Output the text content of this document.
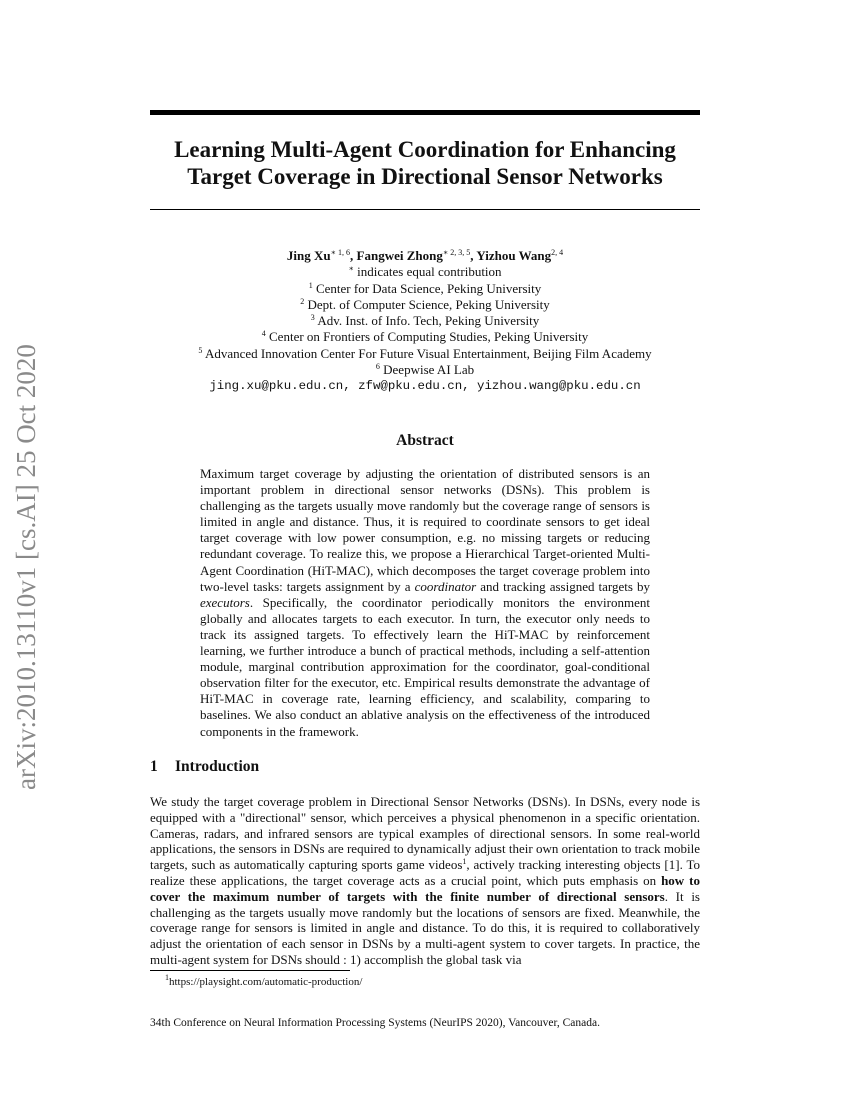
arXiv:2010.13110v1 [cs.AI] 25 Oct 2020
Learning Multi-Agent Coordination for Enhancing Target Coverage in Directional Sensor Networks
Jing $Xu^{∗ 1, 6}$, Fangwei Zhong$^{∗ 2, 3, 5}$, Yizhou Wang$^{2, 4}$
∗ indicates equal contribution
$^1$ Center for Data Science, Peking University
$^2$ Dept. of Computer Science, Peking University
$^3$ Adv. Inst. of Info. Tech, Peking University
$^4$ Center on Frontiers of Computing Studies, Peking University
$^5$ Advanced Innovation Center For Future Visual Entertainment, Beijing Film Academy
$^6$ Deepwise AI Lab
jing.xu@pku.edu.cn, zfw@pku.edu.cn, yizhou.wang@pku.edu.cn
Abstract
Maximum target coverage by adjusting the orientation of distributed sensors is an important problem in directional sensor networks (DSNs). This problem is challenging as the targets usually move randomly but the coverage range of sensors is limited in angle and distance. Thus, it is required to coordinate sensors to get ideal target coverage with low power consumption, e.g. no missing targets or reducing redundant coverage. To realize this, we propose a Hierarchical Target-oriented Multi-Agent Coordination (HiT-MAC), which decomposes the target coverage problem into two-level tasks: targets assignment by a coordinator and tracking assigned targets by executors. Specifically, the coordinator periodically monitors the environment globally and allocates targets to each executor. In turn, the executor only needs to track its assigned targets. To effectively learn the HiT-MAC by reinforcement learning, we further introduce a bunch of practical methods, including a self-attention module, marginal contribution approximation for the coordinator, goal-conditional observation filter for the executor, etc. Empirical results demonstrate the advantage of HiT-MAC in coverage rate, learning efficiency, and scalability, comparing to baselines. We also conduct an ablative analysis on the effectiveness of the introduced components in the framework.
1 Introduction
We study the target coverage problem in Directional Sensor Networks (DSNs). In DSNs, every node is equipped with a "directional" sensor, which perceives a physical phenomenon in a specific orientation. Cameras, radars, and infrared sensors are typical examples of directional sensors. In some real-world applications, the sensors in DSNs are required to dynamically adjust their own orientation to track mobile targets, such as automatically capturing sports game videos$^1$, actively tracking interesting objects [1]. To realize these applications, the target coverage acts as a crucial point, which puts emphasis on how to cover the maximum number of targets with the finite number of directional sensors. It is challenging as the targets usually move randomly but the locations of sensors are fixed. Meanwhile, the coverage range for sensors is limited in angle and distance. To do this, it is required to collaboratively adjust the orientation of each sensor in DSNs by a multi-agent system to cover targets. In practice, the multi-agent system for DSNs should : 1) accomplish the global task via
$^1$https://playsight.com/automatic-production/
34th Conference on Neural Information Processing Systems (NeurIPS 2020), Vancouver, Canada.
